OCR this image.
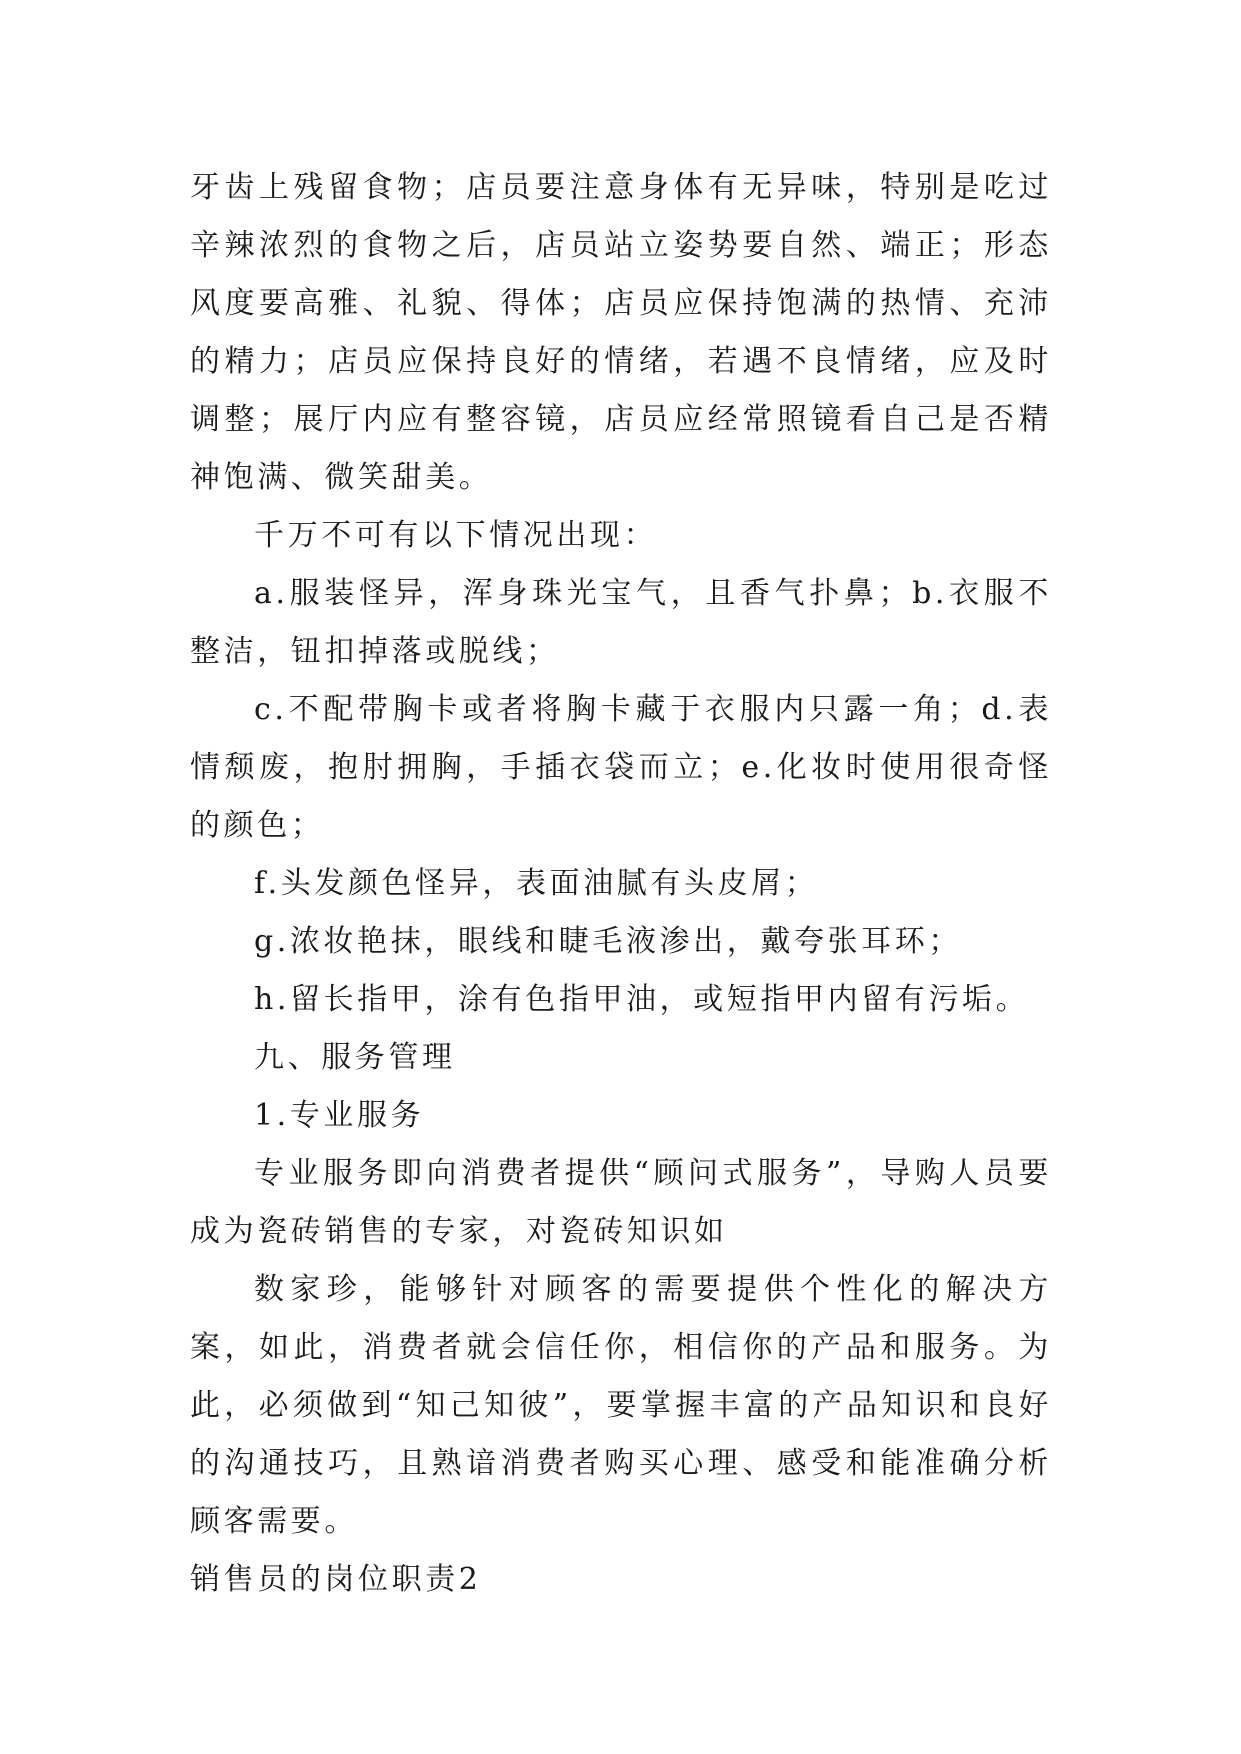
牙齿上残留食物；店员要注意身体有无异味，特别是吃过辛辣浓烈的食物之后，店员站立姿势要自然、端正；形态风度要高雅、礼貌、得体；店员应保持饱满的热情、充沛的精力；店员应保持良好的情绪，若遇不良情绪，应及时调整；展厅内应有整容镜，店员应经常照镜看自己是否精神饱满、微笑甜美。

千万不可有以下情况出现：

a.服装怪异，浑身珠光宝气，且香气扑鼻；b.衣服不整洁，钮扣掉落或脱线；

c.不配带胸卡或者将胸卡藏于衣服内只露一角；d.表情颓废，抱肘拥胸，手插衣袋而立；e.化妆时使用很奇怪的颜色；

f.头发颜色怪异，表面油腻有头皮屑；

g.浓妆艳抹，眼线和睫毛液渗出，戴夸张耳环；

h.留长指甲，涂有色指甲油，或短指甲内留有污垢。

九、服务管理

1.专业服务

专业服务即向消费者提供“顾问式服务”，导购人员要成为瓷砖销售的专家，对瓷砖知识如

数家珍，能够针对顾客的需要提供个性化的解决方案，如此，消费者就会信任你，相信你的产品和服务。为此，必须做到“知己知彼”，要掌握丰富的产品知识和良好的沟通技巧，且熟谙消费者购买心理、感受和能准确分析顾客需要。

销售员的岗位职责2
